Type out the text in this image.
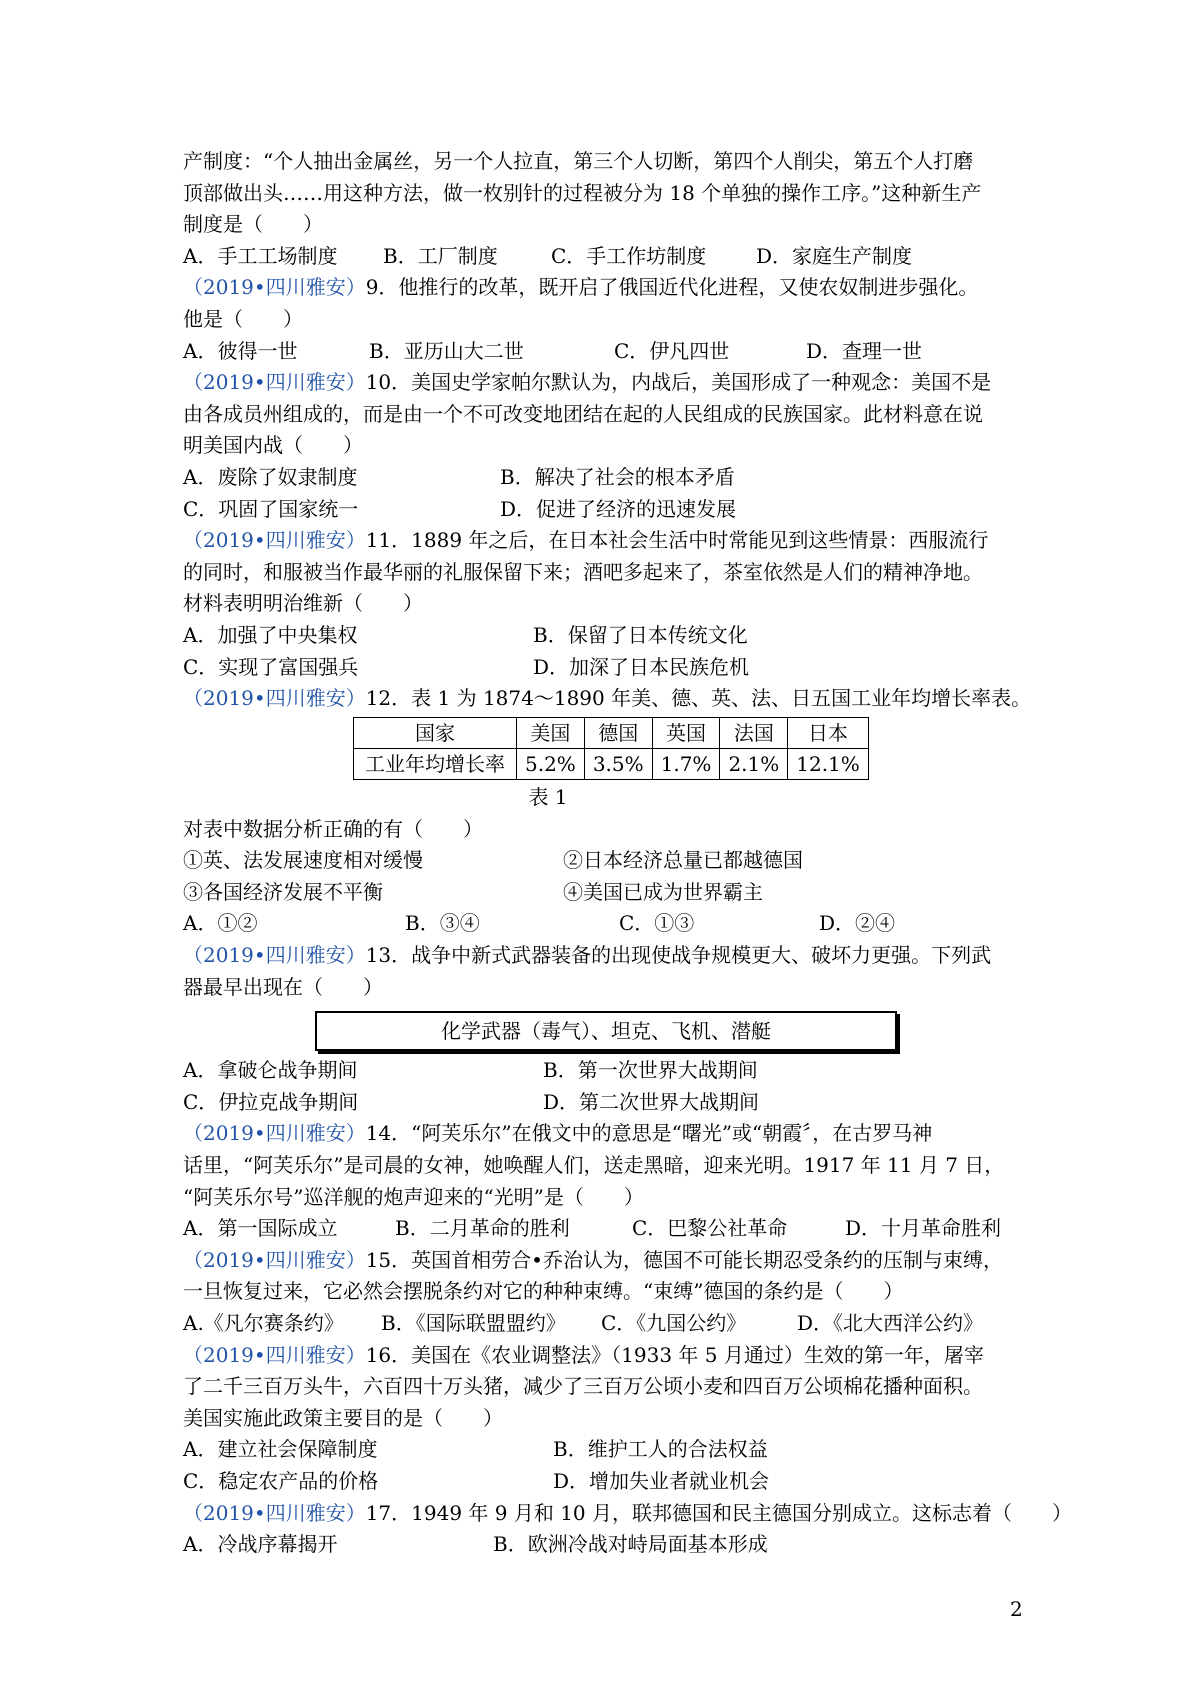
产制度：“个人抽出金属丝，另一个人拉直，第三个人切断，第四个人削尖，第五个人打磨
顶部做出头……用这种方法，做一枚别针的过程被分为 18 个单独的操作工序。”这种新生产
制度是（　　）
A．手工工场制度	B．工厂制度	C．手工作坊制度	D．家庭生产制度
（2019•四川雅安）9．他推行的改革，既开启了俄国近代化进程，又使农奴制进步强化。
他是（　　）
A．彼得一世	B．亚历山大二世	C．伊凡四世	D．查理一世
（2019•四川雅安）10．美国史学家帕尔默认为，内战后，美国形成了一种观念：美国不是
由各成员州组成的，而是由一个不可改变地团结在起的人民组成的民族国家。此材料意在说
明美国内战（　　）
A．废除了奴隶制度	B．解决了社会的根本矛盾
C．巩固了国家统一	D．促进了经济的迅速发展
（2019•四川雅安）11．1889 年之后，在日本社会生活中时常能见到这些情景：西服流行
的同时，和服被当作最华丽的礼服保留下来；酒吧多起来了，茶室依然是人们的精神净地。
材料表明明治维新（　　）
A．加强了中央集权	B．保留了日本传统文化
C．实现了富国强兵	D．加深了日本民族危机
（2019•四川雅安）12．表 1 为 1874～1890 年美、德、英、法、日五国工业年均增长率表。
国家	美国	德国	英国	法国	日本
工业年均增长率	5.2%	3.5%	1.7%	2.1%	12.1%
表 1
对表中数据分析正确的有（　　）
①英、法发展速度相对缓慢	②日本经济总量已都越德国
③各国经济发展不平衡	④美国已成为世界霸主
A．①②	B．③④	C．①③	D．②④
（2019•四川雅安）13．战争中新式武器装备的出现使战争规模更大、破坏力更强。下列武
器最早出现在（　　）
化学武器（毒气）、坦克、飞机、潜艇
A．拿破仑战争期间	B．第一次世界大战期间
C．伊拉克战争期间	D．第二次世界大战期间
（2019•四川雅安）14．“阿芙乐尔”在俄文中的意思是“曙光”或“朝霞〞，在古罗马神
话里，“阿芙乐尔”是司晨的女神，她唤醒人们，送走黑暗，迎来光明。1917 年 11 月 7 日，
“阿芙乐尔号”巡洋舰的炮声迎来的“光明”是（　　）
A．第一国际成立	B．二月革命的胜利	C．巴黎公社革命	D．十月革命胜利
（2019•四川雅安）15．英国首相劳合•乔治认为，德国不可能长期忍受条约的压制与束缚，
一旦恢复过来，它必然会摆脱条约对它的种种束缚。“束缚”德国的条约是（　　）
A.《凡尔赛条约》	B．《国际联盟盟约》	C．《九国公约》	D．《北大西洋公约》
（2019•四川雅安）16．美国在《农业调整法》（1933 年 5 月通过）生效的第一年，屠宰
了二千三百万头牛，六百四十万头猪，减少了三百万公顷小麦和四百万公顷棉花播种面积。
美国实施此政策主要目的是（　　）
A．建立社会保障制度	B．维护工人的合法权益
C．稳定农产品的价格	D．增加失业者就业机会
（2019•四川雅安）17．1949 年 9 月和 10 月，联邦德国和民主德国分别成立。这标志着（　　）
A．冷战序幕揭开	B．欧洲冷战对峙局面基本形成
2
